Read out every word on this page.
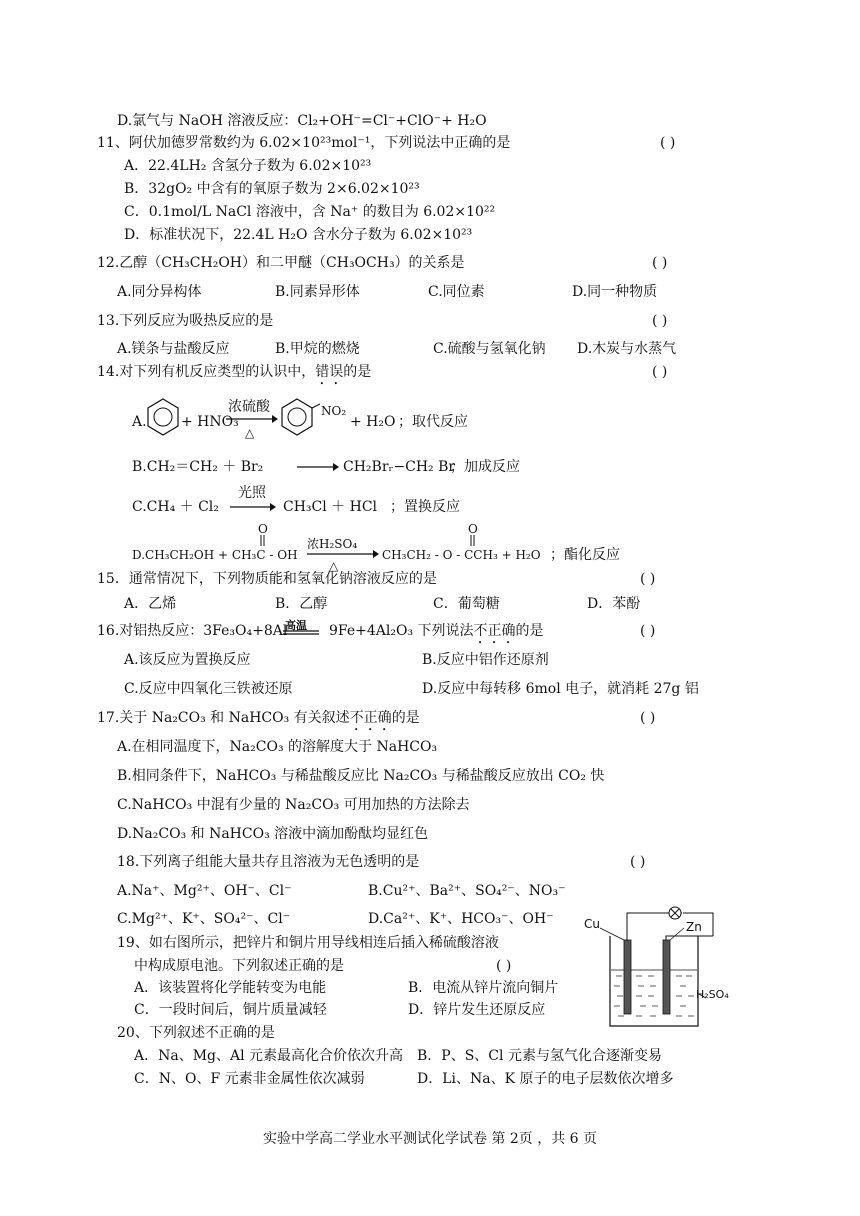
D.氯气与 NaOH 溶液反应：Cl₂+OH⁻=Cl⁻+ClO⁻+ H₂O
11、阿伏加德罗常数约为 6.02×10²³mol⁻¹，下列说法中正确的是	( )
A．22.4LH₂ 含氢分子数为 6.02×10²³
B．32gO₂ 中含有的氧原子数为 2×6.02×10²³
C．0.1mol/L NaCl 溶液中，含 Na⁺ 的数目为 6.02×10²²
D．标准状况下，22.4L H₂O 含水分子数为 6.02×10²³
12.乙醇（CH₃CH₂OH）和二甲醚（CH₃OCH₃）的关系是	( )
A.同分异构体	B.同素异形体	C.同位素	D.同一种物质
13.下列反应为吸热反应的是	( )
A.镁条与盐酸反应	B.甲烷的燃烧	C.硫酸与氢氧化钠 D.木炭与水蒸气
14.对下列有机反应类型的认识中，错误的是	( )
A. + HNO₃
浓硫酸
△
NO₂
+ H₂O ；取代反应
B.CH₂＝CH₂ ＋ Br₂	CH₂Brᵣ−CH₂ Br
；加成反应
C.CH₄ ＋ Cl₂
光照
CH₃Cl ＋ HCl ；置换反应
O
D.CH₃CH₂OH + CH₃C - OH
浓H₂SO₄
△
O
CH₃CH₂ - O - CCH₃ + H₂O ；酯化反应
15．通常情况下，下列物质能和氢氧化钠溶液反应的是	( )
A．乙烯	B．乙醇	C．葡萄糖	D．苯酚
16.对铝热反应：3Fe₃O₄+8Al
高温 9Fe+4Al₂O₃ 下列说法不正确的是	( )
A.该反应为置换反应	B.反应中铝作还原剂
C.反应中四氧化三铁被还原	D.反应中每转移 6mol 电子，就消耗 27g 铝
17.关于 Na₂CO₃ 和 NaHCO₃ 有关叙述不正确的是	( )
A.在相同温度下，Na₂CO₃ 的溶解度大于 NaHCO₃
B.相同条件下，NaHCO₃ 与稀盐酸反应比 Na₂CO₃ 与稀盐酸反应放出 CO₂ 快
C.NaHCO₃ 中混有少量的 Na₂CO₃ 可用加热的方法除去
D.Na₂CO₃ 和 NaHCO₃ 溶液中滴加酚酞均显红色
18.下列离子组能大量共存且溶液为无色透明的是	( )
A.Na⁺、Mg²⁺、OH⁻、Cl⁻	B.Cu²⁺、Ba²⁺、SO₄²⁻、NO₃⁻
C.Mg²⁺、K⁺、SO₄²⁻、Cl⁻	D.Ca²⁺、K⁺、HCO₃⁻、OH⁻	Cu	Zn
H₂SO₄
19、如右图所示，把锌片和铜片用导线相连后插入稀硫酸溶液
中构成原电池。下列叙述正确的是	( )
A．该装置将化学能转变为电能	B．电流从锌片流向铜片
C．一段时间后，铜片质量减轻	D．锌片发生还原反应
20、下列叙述不正确的是
A．Na、Mg、Al 元素最高化合价依次升高 B．P、S、Cl 元素与氢气化合逐渐变易
C．N、O、F 元素非金属性依次减弱	D．Li、Na、K 原子的电子层数依次增多
实验中学高二学业水平测试化学试卷 第 2页 ，共 6 页
